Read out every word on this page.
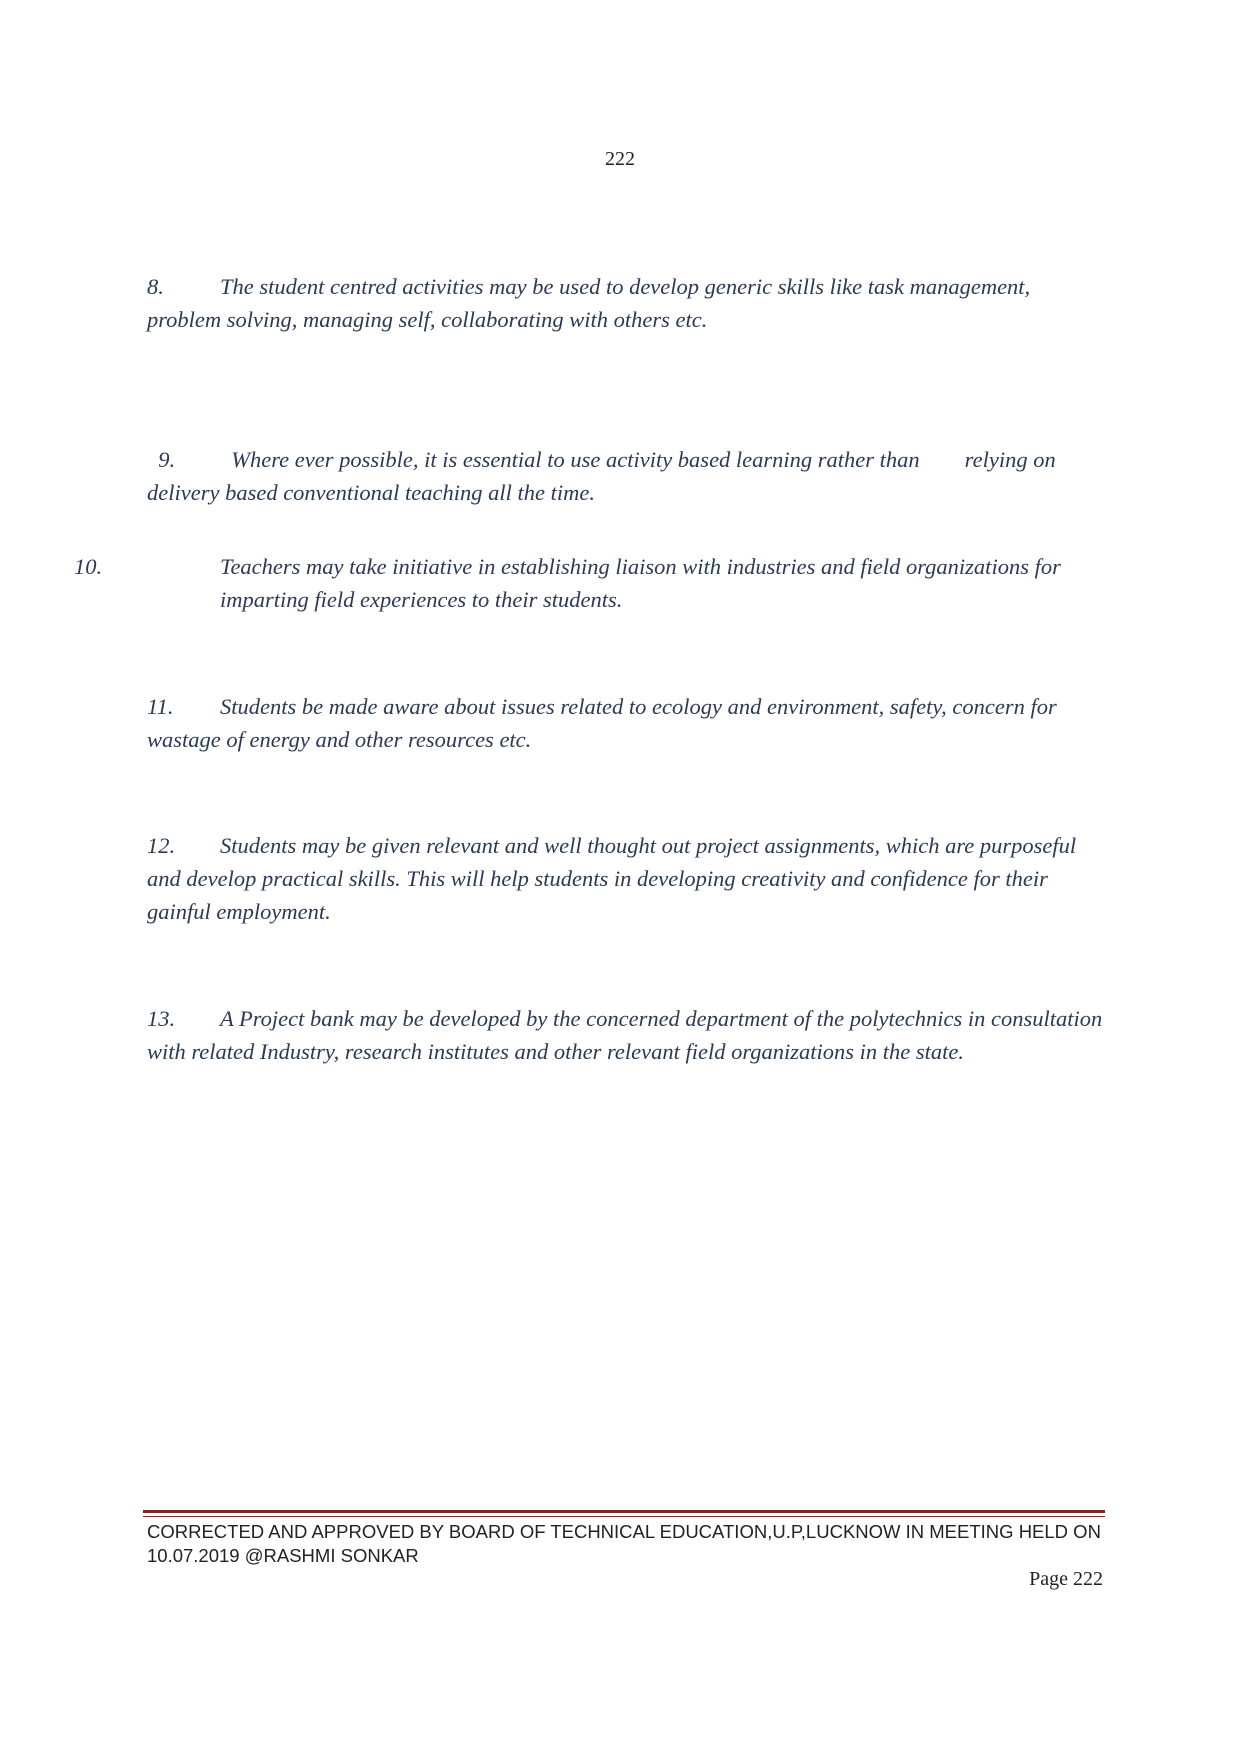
222
8. The student centred activities may be used to develop generic skills like task management, problem solving, managing self, collaborating with others etc.

9. Where ever possible, it is essential to use activity based learning rather than        relying on delivery based conventional teaching all the time.

10.	Teachers may take initiative in establishing liaison with industries and field organizations for imparting field experiences to their students.
11. Students be made aware about issues related to ecology and environment, safety, concern for wastage of energy and other resources etc.
12. Students may be given relevant and well thought out project assignments, which are purposeful and develop practical skills. This will help students in developing creativity and confidence for their gainful employment.
13. A Project bank may be developed by the concerned department of the polytechnics in consultation with related Industry, research institutes and other relevant field organizations in the state.
CORRECTED AND APPROVED BY BOARD OF TECHNICAL EDUCATION,U.P,LUCKNOW IN MEETING HELD ON
10.07.2019 @RASHMI SONKAR
Page 222
